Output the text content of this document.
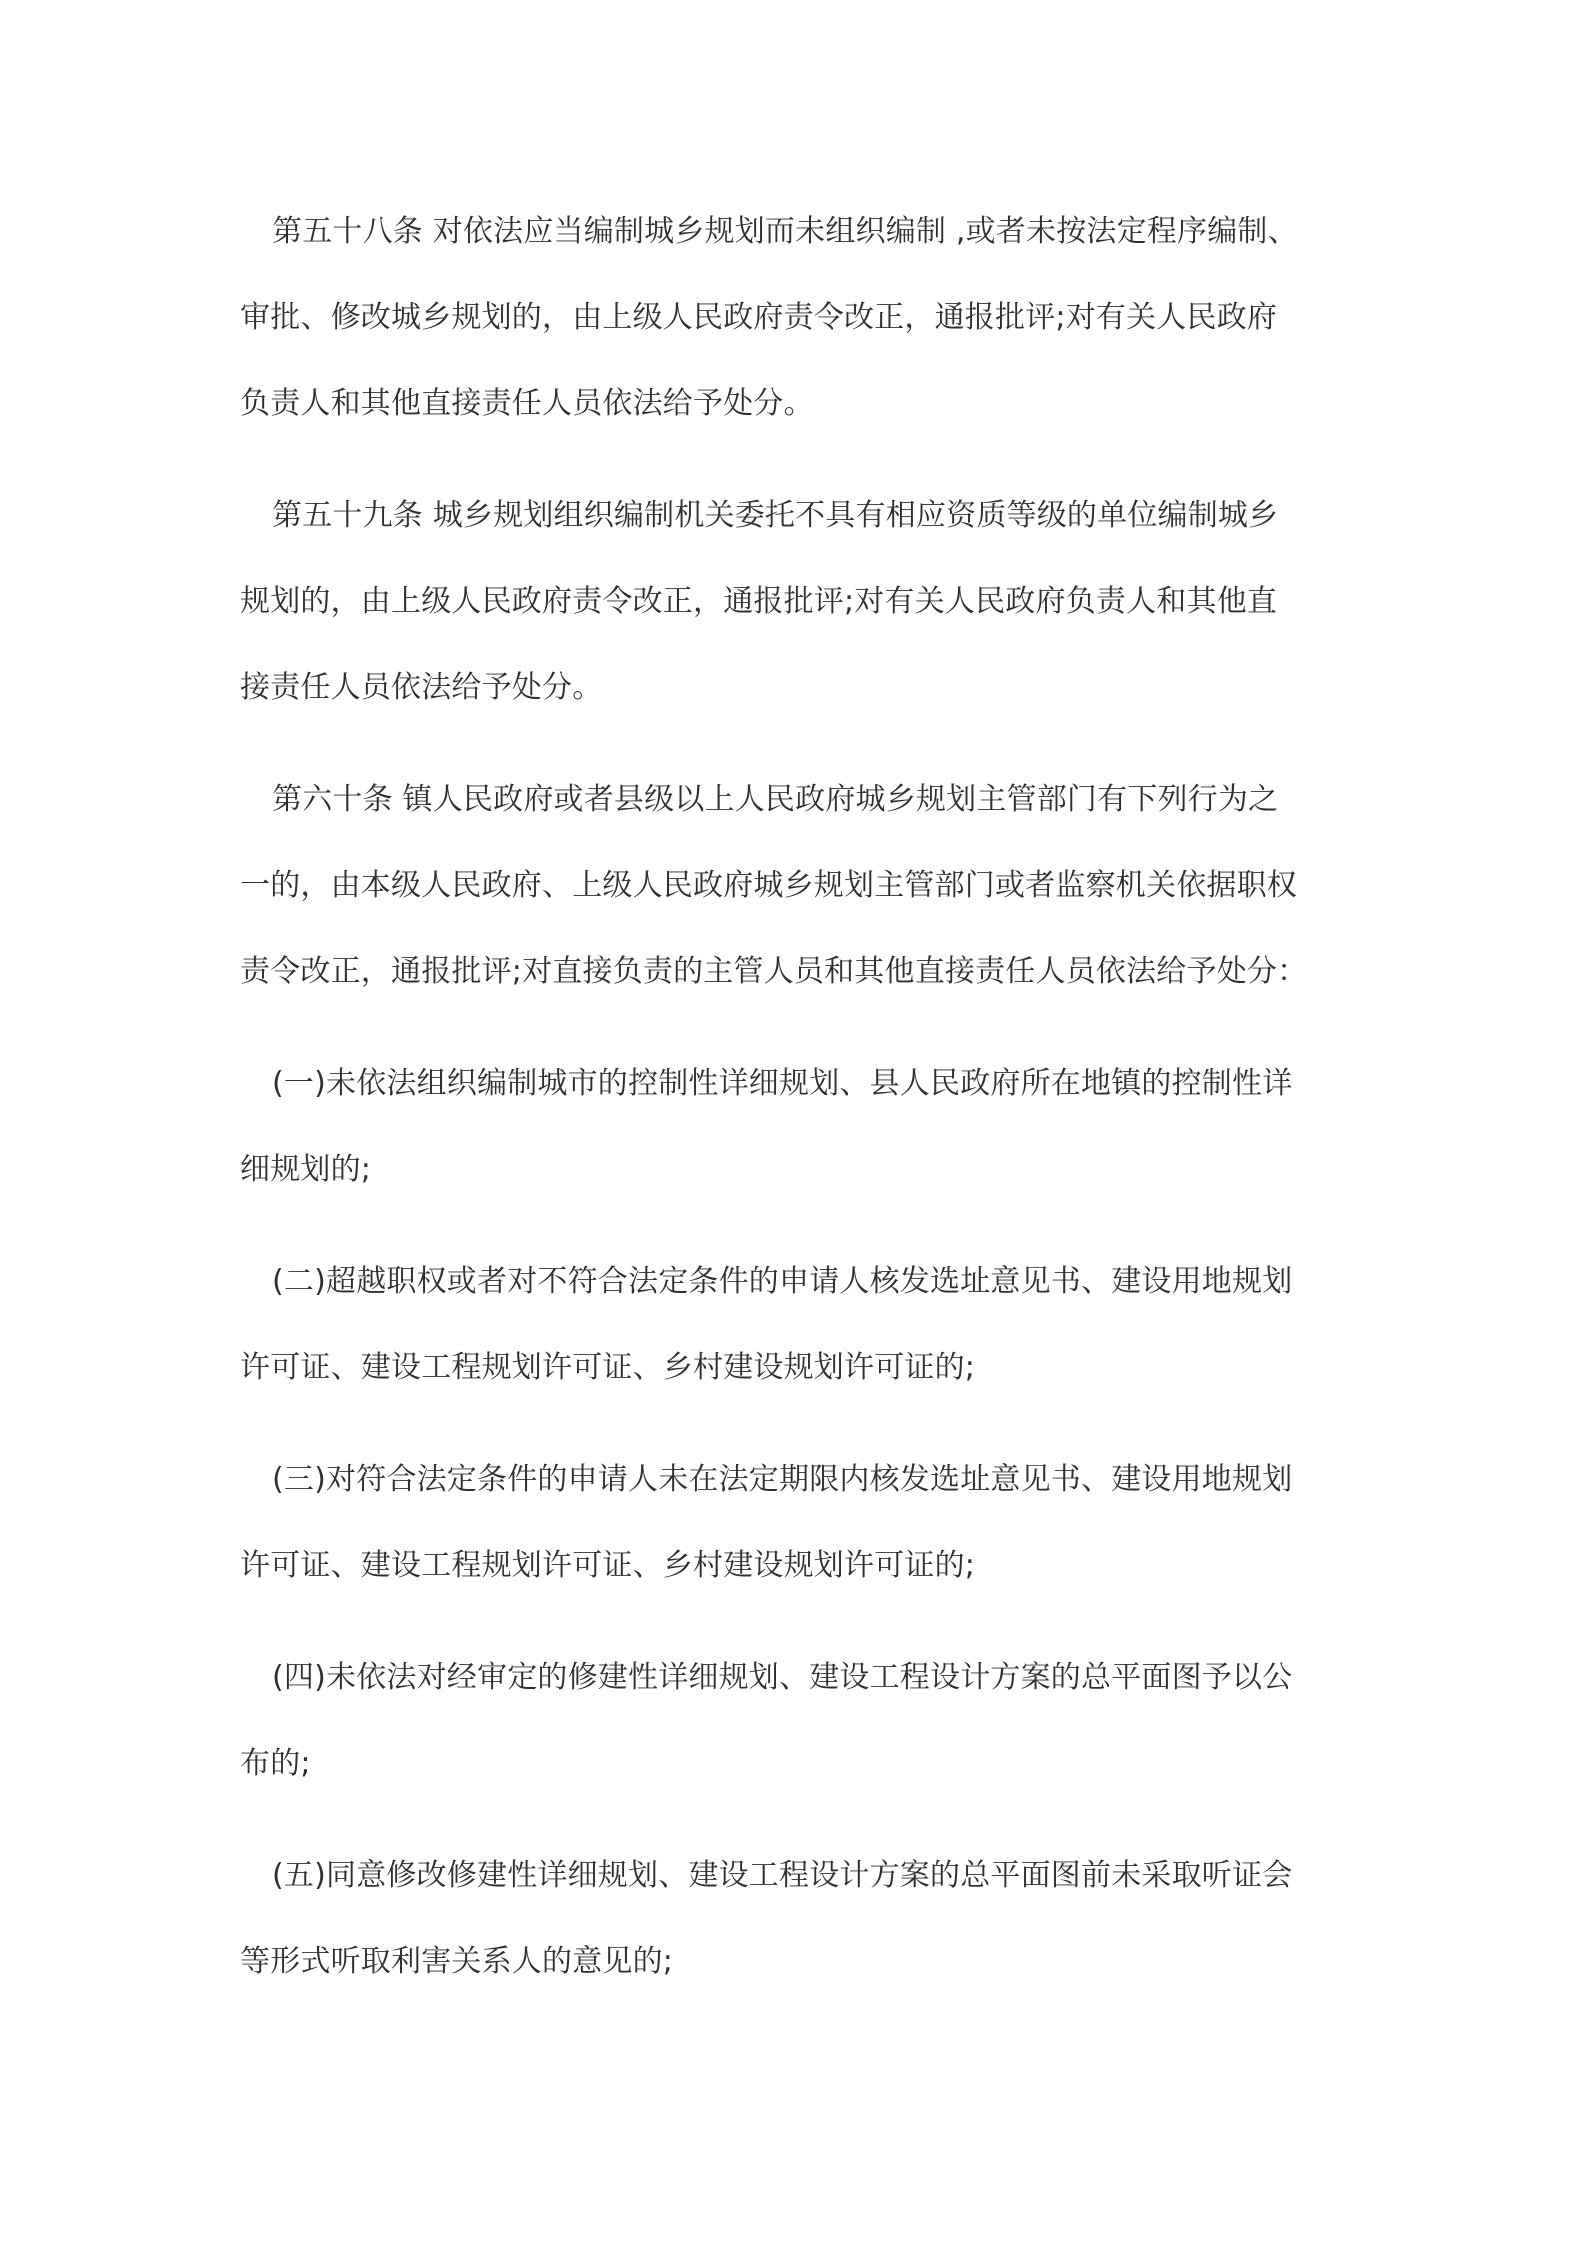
第五十八条 对依法应当编制城乡规划而未组织编制 ,或者未按法定程序编制、

审批、修改城乡规划的，由上级人民政府责令改正，通报批评;对有关人民政府

负责人和其他直接责任人员依法给予处分。

第五十九条 城乡规划组织编制机关委托不具有相应资质等级的单位编制城乡

规划的，由上级人民政府责令改正，通报批评;对有关人民政府负责人和其他直

接责任人员依法给予处分。

第六十条 镇人民政府或者县级以上人民政府城乡规划主管部门有下列行为之

一的，由本级人民政府、上级人民政府城乡规划主管部门或者监察机关依据职权

责令改正，通报批评;对直接负责的主管人员和其他直接责任人员依法给予处分：

(一)未依法组织编制城市的控制性详细规划、县人民政府所在地镇的控制性详

细规划的;

(二)超越职权或者对不符合法定条件的申请人核发选址意见书、建设用地规划

许可证、建设工程规划许可证、乡村建设规划许可证的;

(三)对符合法定条件的申请人未在法定期限内核发选址意见书、建设用地规划

许可证、建设工程规划许可证、乡村建设规划许可证的;

(四)未依法对经审定的修建性详细规划、建设工程设计方案的总平面图予以公

布的;

(五)同意修改修建性详细规划、建设工程设计方案的总平面图前未采取听证会

等形式听取利害关系人的意见的;
